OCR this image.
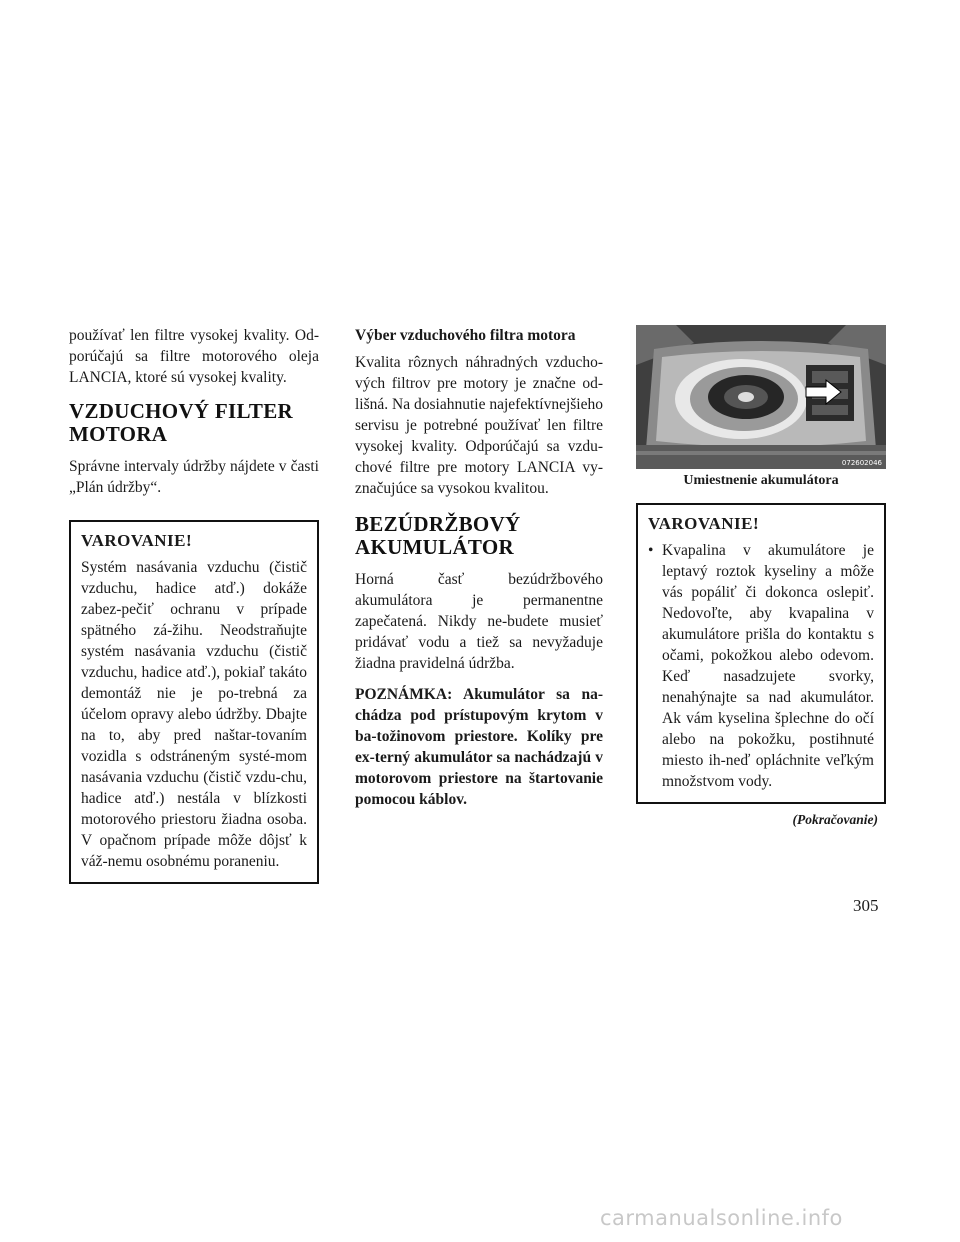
používať len filtre vysokej kvality. Od-porúčajú sa filtre motorového oleja LANCIA, ktoré sú vysokej kvality.

VZDUCHOVÝ FILTER MOTORA

Správne intervaly údržby nájdete v časti „Plán údržby“.

VAROVANIE!

Systém nasávania vzduchu (čistič vzduchu, hadice atď.) dokáže zabez-pečiť ochranu v prípade spätného zá-žihu. Neodstraňujte systém nasávania vzduchu (čistič vzduchu, hadice atď.), pokiaľ takáto demontáž nie je po-trebná za účelom opravy alebo údržby. Dbajte na to, aby pred naštar-tovaním vozidla s odstráneným systé-mom nasávania vzduchu (čistič vzdu-chu, hadice atď.) nestála v blízkosti motorového priestoru žiadna osoba. V opačnom prípade môže dôjsť k váž-nemu osobnému poraneniu.

Výber vzduchového filtra motora

Kvalita rôznych náhradných vzducho-vých filtrov pre motory je značne od-lišná. Na dosiahnutie najefektívnejšieho servisu je potrebné používať len filtre vysokej kvality. Odporúčajú sa vzdu-chové filtre pre motory LANCIA vy-značujúce sa vysokou kvalitou.

BEZÚDRŽBOVÝ AKUMULÁTOR

Horná časť bezúdržbového akumulátora je permanentne zapečatená. Nikdy ne-budete musieť pridávať vodu a tiež sa nevyžaduje žiadna pravidelná údržba.

POZNÁMKA: Akumulátor sa na-chádza pod prístupovým krytom v ba-tožinovom priestore. Kolíky pre ex-terný akumulátor sa nachádzajú v motorovom priestore na štartovanie pomocou káblov.

072602046
Umiestnenie akumulátora
VAROVANIE!
• Kvapalina v akumulátore je leptavý roztok kyseliny a môže vás popáliť či dokonca oslepiť. Nedovoľte, aby kvapalina v akumulátore prišla do kontaktu s očami, pokožkou alebo odevom. Keď nasadzujete svorky, nenahýnajte sa nad akumulátor. Ak vám kyselina šplechne do očí alebo na pokožku, postihnuté miesto ih-neď opláchnite veľkým množstvom vody.

(Pokračovanie)
305
carmanualsonline.info
